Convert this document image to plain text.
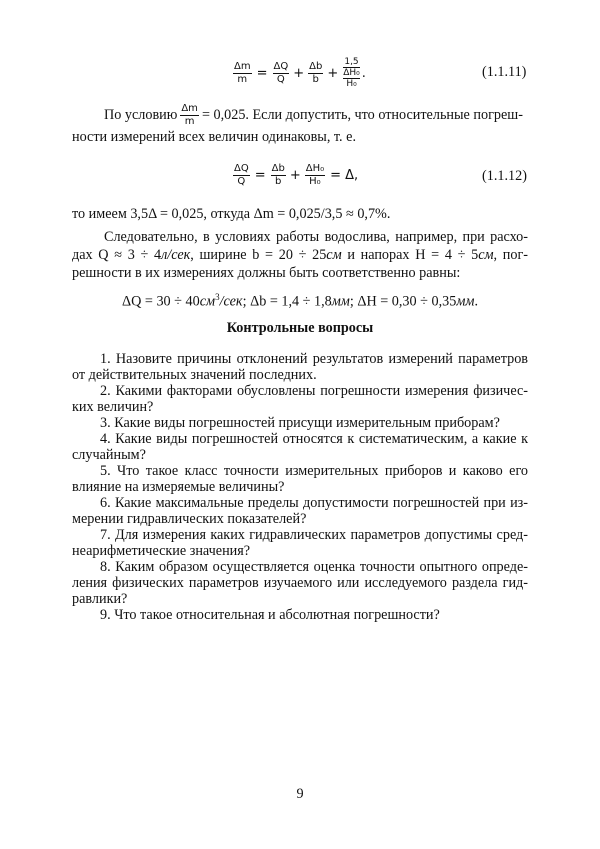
$\frac{\Delta m}{m} = \frac{\Delta Q}{Q} + \frac{\Delta b}{b} + 1,5$
ΔH₀
H₀ .	(1.1.11)
По условию $\frac{\Delta m}{m} = 0,025$. Если допустить, что относительные погреш-
ности измерений всех величин одинаковы, т. е.
$\frac{\Delta Q}{Q} = \frac{\Delta b}{b} + \frac{\text{ΔH₀}}{\text{H₀}} = \Delta$,	(1.1.12)
то имеем 3,5Δ = 0,025, откуда Δm = 0,025/3,5 ≈ 0,7%.
Следовательно, в условиях работы водослива, например, при расхо-
дах Q ≈ 3 ÷ 4л/сек, ширине b = 20 ÷ 25см и напорах H = 4 ÷ 5см, пог-
решности в их измерениях должны быть соответственно равны:
$\Delta Q = 30 \div 40см^3$/сек; Δb = 1,4 ÷ 1,8мм; ΔH = 0,30 ÷ 0,35мм.
Контрольные вопросы
1. Назовите причины отклонений результатов измерений параметров
от действительных значений последних.
2. Какими факторами обусловлены погрешности измерения физичес-
ких величин?
3. Какие виды погрешностей присущи измерительным приборам?
4. Какие виды погрешностей относятся к систематическим, а какие к
случайным?
5. Что такое класс точности измерительных приборов и каково его
влияние на измеряемые величины?
6. Какие максимальные пределы допустимости погрешностей при из-
мерении гидравлических показателей?
7. Для измерения каких гидравлических параметров допустимы сред-
неарифметические значения?
8. Каким образом осуществляется оценка точности опытного опреде-
ления физических параметров изучаемого или исследуемого раздела гид-
равлики?
9. Что такое относительная и абсолютная погрешности?
9
